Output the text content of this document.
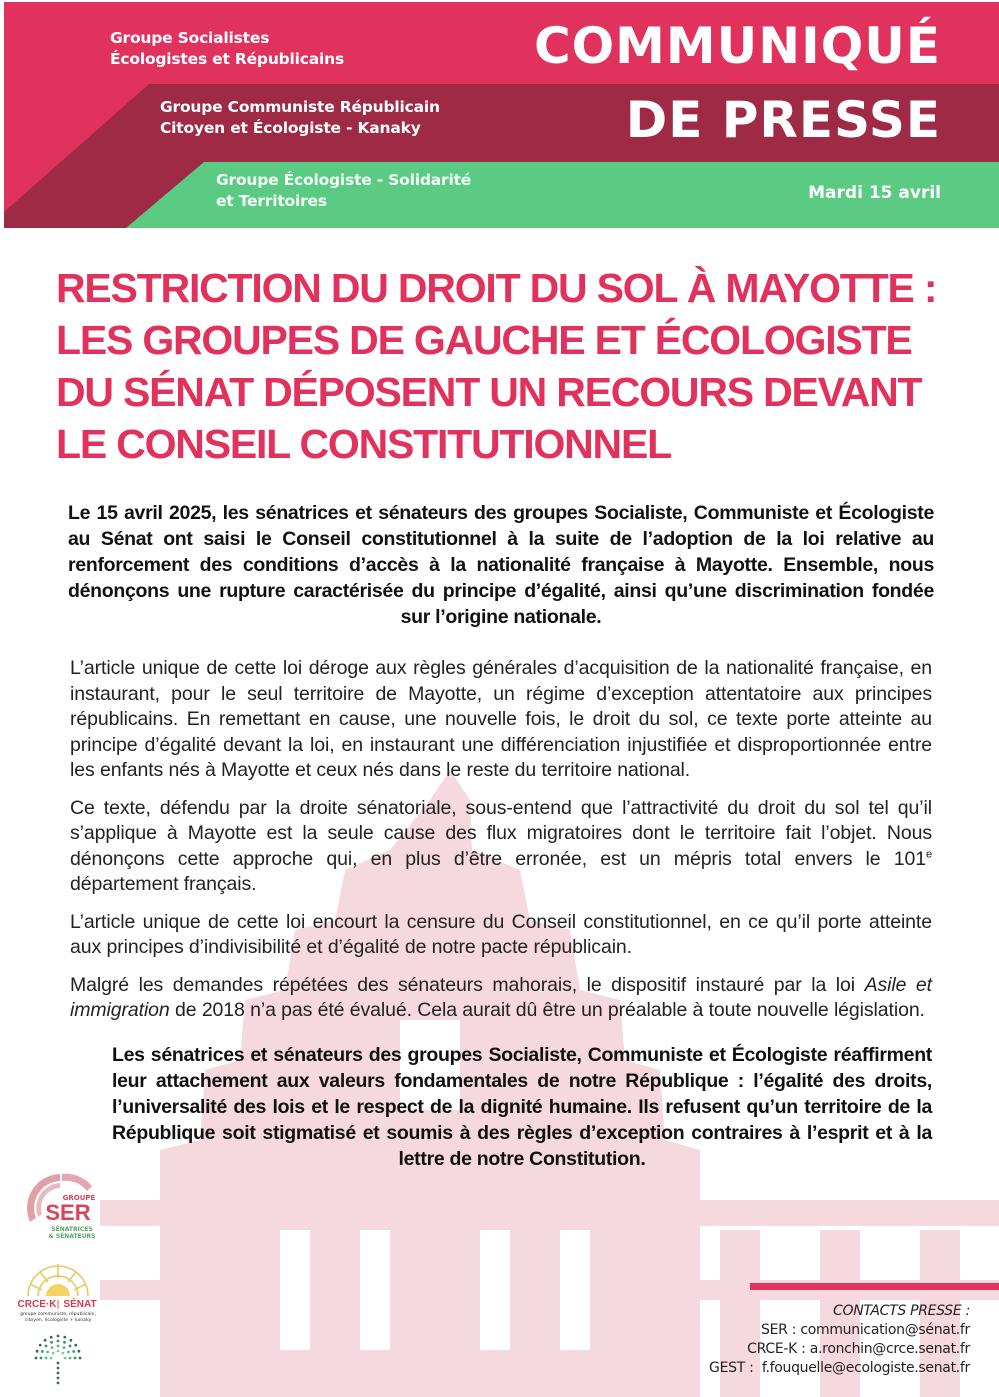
Groupe Socialistes
Écologistes et Républicains
Groupe Communiste Républicain
Citoyen et Écologiste - Kanaky
Groupe Écologiste - Solidarité
et Territoires
COMMUNIQUÉ
DE PRESSE
Mardi 15 avril
RESTRICTION DU DROIT DU SOL À MAYOTTE :
LES GROUPES DE GAUCHE ET ÉCOLOGISTE
DU SÉNAT DÉPOSENT UN RECOURS DEVANT
LE CONSEIL CONSTITUTIONNEL

Le 15 avril 2025, les sénatrices et sénateurs des groupes Socialiste, Communiste et Écologiste au Sénat ont saisi le Conseil constitutionnel à la suite de l’adoption de la loi relative au renforcement des conditions d’accès à la nationalité française à Mayotte. Ensemble, nous dénonçons une rupture caractérisée du principe d’égalité, ainsi qu’une discrimination fondée sur l’origine nationale.

L’article unique de cette loi déroge aux règles générales d’acquisition de la nationalité française, en instaurant, pour le seul territoire de Mayotte, un régime d’exception attentatoire aux principes républicains. En remettant en cause, une nouvelle fois, le droit du sol, ce texte porte atteinte au principe d’égalité devant la loi, en instaurant une différenciation injustifiée et disproportionnée entre les enfants nés à Mayotte et ceux nés dans le reste du territoire national.

Ce texte, défendu par la droite sénatoriale, sous-entend que l’attractivité du droit du sol tel qu’il s’applique à Mayotte est la seule cause des flux migratoires dont le territoire fait l’objet. Nous dénonçons cette approche qui, en plus d’être erronée, est un mépris total envers le 101e département français.

L’article unique de cette loi encourt la censure du Conseil constitutionnel, en ce qu’il porte atteinte aux principes d’indivisibilité et d’égalité de notre pacte républicain.

Malgré les demandes répétées des sénateurs mahorais, le dispositif instauré par la loi Asile et immigration de 2018 n’a pas été évalué. Cela aurait dû être un préalable à toute nouvelle législation.

Les sénatrices et sénateurs des groupes Socialiste, Communiste et Écologiste réaffirment leur attachement aux valeurs fondamentales de notre République : l’égalité des droits, l’universalité des lois et le respect de la dignité humaine. Ils refusent qu’un territoire de la République soit stigmatisé et soumis à des règles d’exception contraires à l’esprit et à la lettre de notre Constitution.

GROUPE
SER
SÉNATRICES
& SÉNATEURS
CRCE·K | SÉNAT
groupe communiste, républicain,
citoyen, écologiste + kanaky
CONTACTS PRESSE :
SER : communication@sénat.fr
CRCE-K : a.ronchin@crce.senat.fr
GEST : f.fouquelle@ecologiste.senat.fr
